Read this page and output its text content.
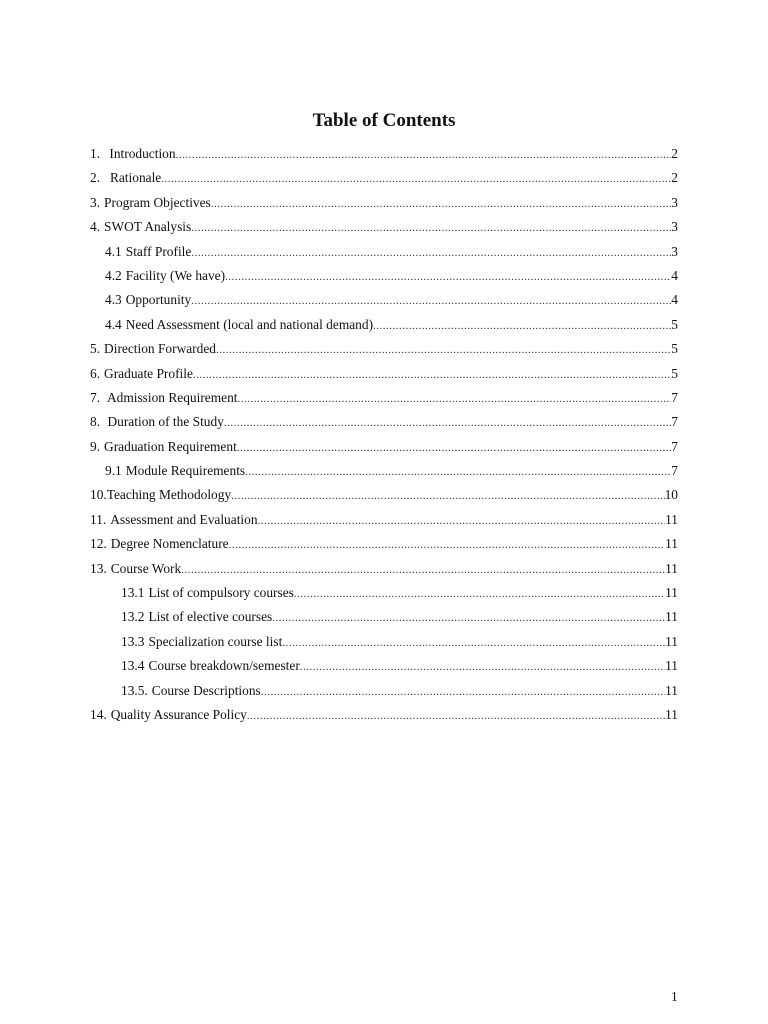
Table of Contents
1. Introduction .....	2
2. Rationale .....	2
3. Program Objectives .....	3
4. SWOT Analysis .....	3
4.1 Staff Profile .....	3
4.2 Facility (We have) .....	4
4.3 Opportunity .....	4
4.4 Need Assessment (local and national demand) .....	5
5. Direction Forwarded .....	5
6. Graduate Profile .....	5
7. Admission Requirement .....	7
8. Duration of the Study .....	7
9. Graduation Requirement .....	7
9.1 Module Requirements .....	7
10. Teaching Methodology .....	10
11. Assessment and Evaluation .....	11
12. Degree Nomenclature .....	11
13. Course Work .....	11
13.1 List of compulsory courses .....	11
13.2 List of elective courses .....	11
13.3 Specialization course list .....	11
13.4 Course breakdown/semester .....	11
13.5. Course Descriptions .....	11
14. Quality Assurance Policy .....	11
1
